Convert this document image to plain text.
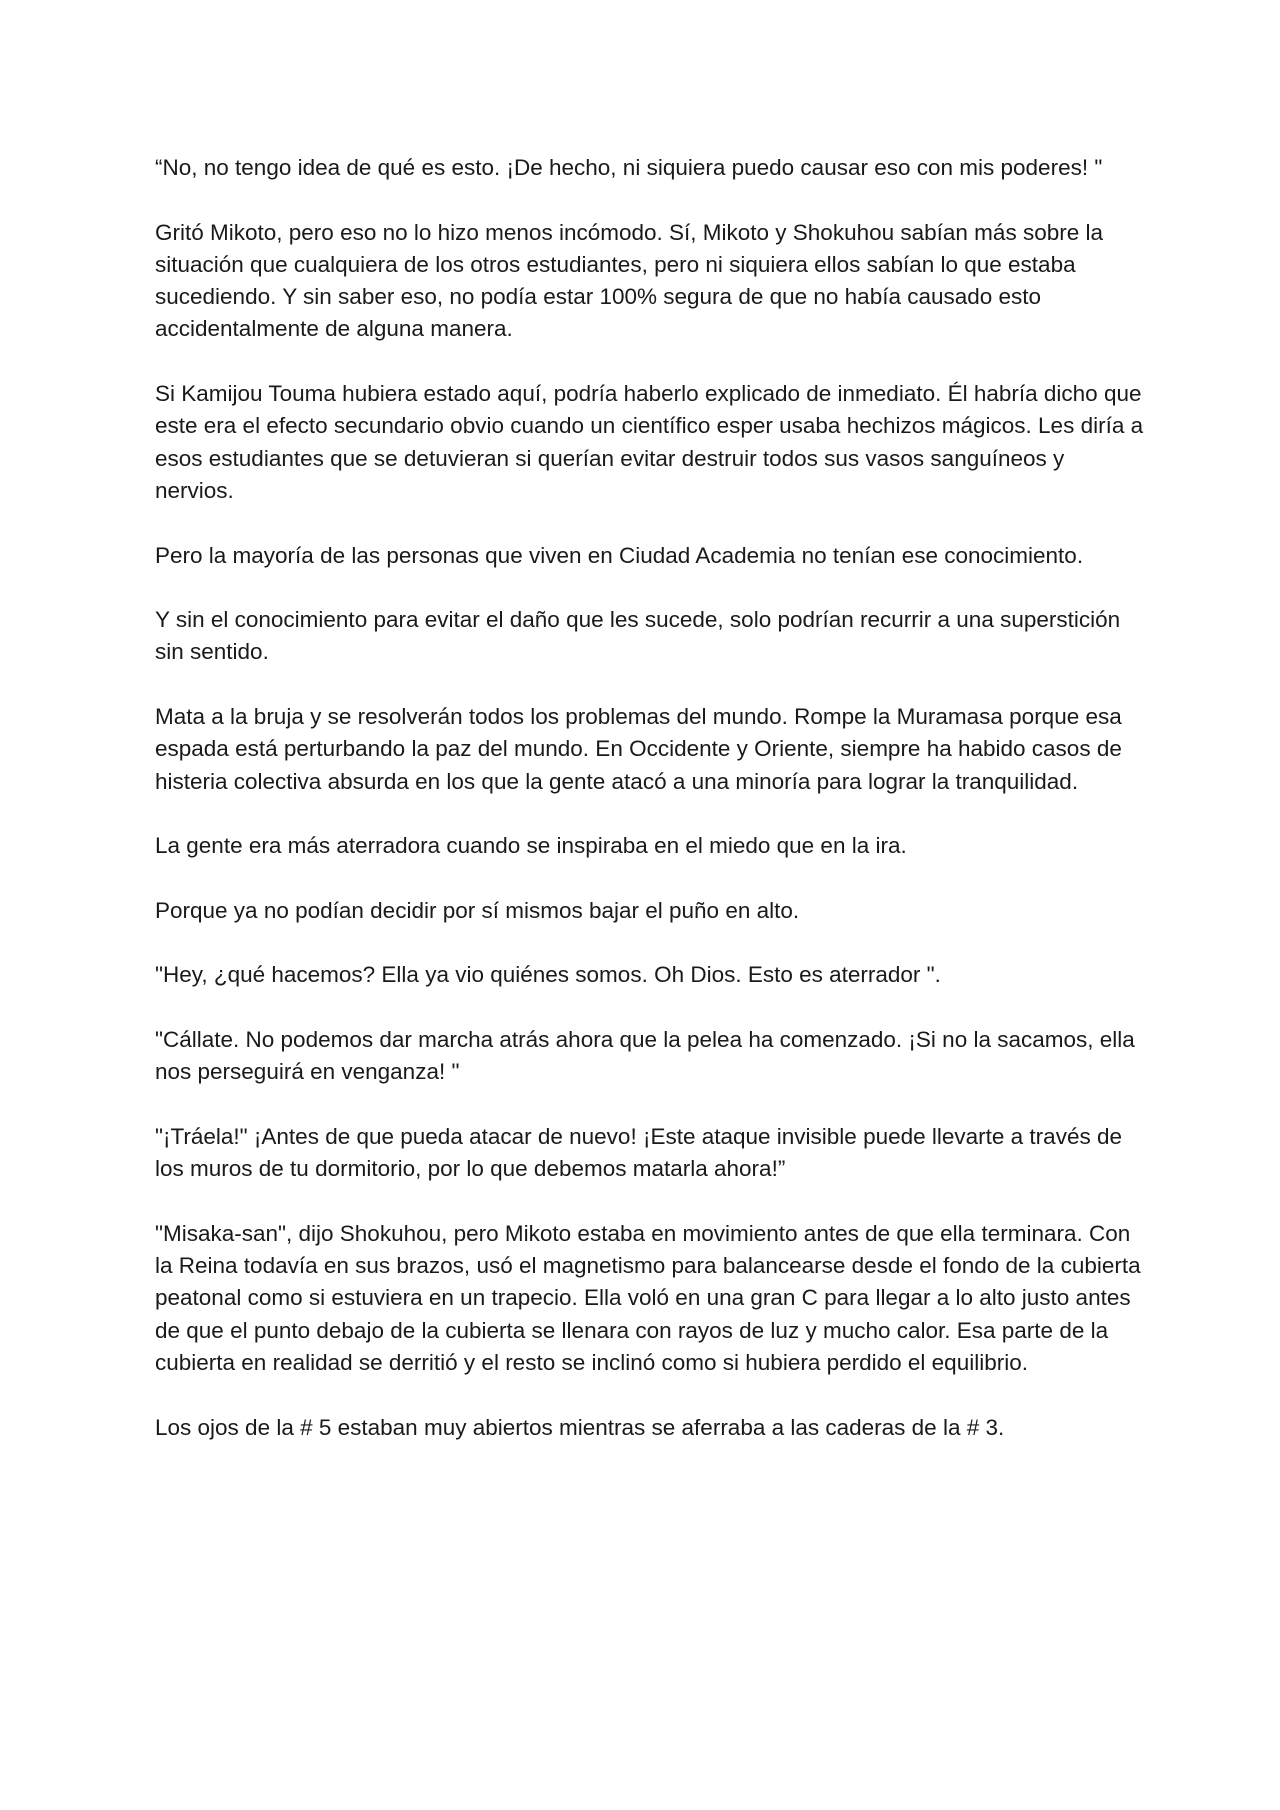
“No, no tengo idea de qué es esto. ¡De hecho, ni siquiera puedo causar eso con mis poderes! "

Gritó Mikoto, pero eso no lo hizo menos incómodo. Sí, Mikoto y Shokuhou sabían más sobre la situación que cualquiera de los otros estudiantes, pero ni siquiera ellos sabían lo que estaba sucediendo. Y sin saber eso, no podía estar 100% segura de que no había causado esto accidentalmente de alguna manera.

Si Kamijou Touma hubiera estado aquí, podría haberlo explicado de inmediato. Él habría dicho que este era el efecto secundario obvio cuando un científico esper usaba hechizos mágicos. Les diría a esos estudiantes que se detuvieran si querían evitar destruir todos sus vasos sanguíneos y nervios.

Pero la mayoría de las personas que viven en Ciudad Academia no tenían ese conocimiento.

Y sin el conocimiento para evitar el daño que les sucede, solo podrían recurrir a una superstición sin sentido.

Mata a la bruja y se resolverán todos los problemas del mundo. Rompe la Muramasa porque esa espada está perturbando la paz del mundo. En Occidente y Oriente, siempre ha habido casos de histeria colectiva absurda en los que la gente atacó a una minoría para lograr la tranquilidad.

La gente era más aterradora cuando se inspiraba en el miedo que en la ira.

Porque ya no podían decidir por sí mismos bajar el puño en alto.

"Hey, ¿qué hacemos? Ella ya vio quiénes somos. Oh Dios. Esto es aterrador ".

"Cállate. No podemos dar marcha atrás ahora que la pelea ha comenzado. ¡Si no la sacamos, ella nos perseguirá en venganza! "

"¡Tráela!" ¡Antes de que pueda atacar de nuevo! ¡Este ataque invisible puede llevarte a través de los muros de tu dormitorio, por lo que debemos matarla ahora!”

"Misaka-san", dijo Shokuhou, pero Mikoto estaba en movimiento antes de que ella terminara. Con la Reina todavía en sus brazos, usó el magnetismo para balancearse desde el fondo de la cubierta peatonal como si estuviera en un trapecio. Ella voló en una gran C para llegar a lo alto justo antes de que el punto debajo de la cubierta se llenara con rayos de luz y mucho calor. Esa parte de la cubierta en realidad se derritió y el resto se inclinó como si hubiera perdido el equilibrio.

Los ojos de la # 5 estaban muy abiertos mientras se aferraba a las caderas de la # 3.
